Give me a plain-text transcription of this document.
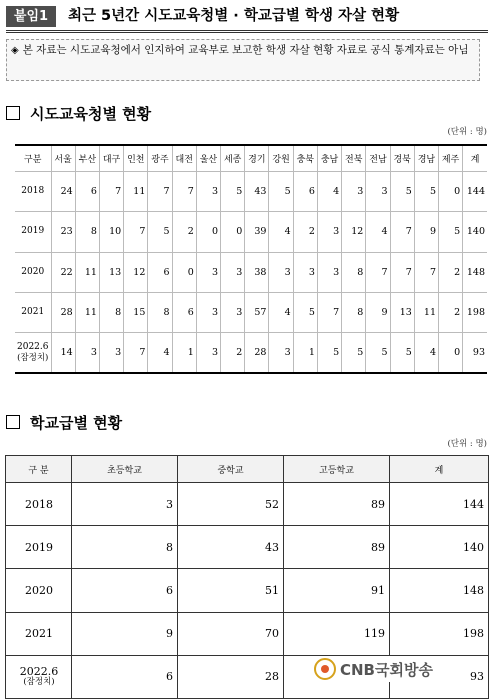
붙임1	최근 5년간 시도교육청별 · 학교급별 학생 자살 현황
◈ 본 자료는 시도교육청에서 인지하여 교육부로 보고한 학생 자살 현황 자료로 공식 통계자료는 아님
시도교육청별 현황
(단위 : 명)
구분	서울	부산	대구	인천	광주	대전	울산	세종	경기	강원	충북	충남	전북	전남	경북	경남	제주	계

2018	24	6	7	11	7	7	3	5	43	5	6	4	3	3	5	5	0	144

2019	23	8	10	7	5	2	0	0	39	4	2	3	12	4	7	9	5	140

2020	22	11	13	12	6	0	3	3	38	3	3	3	8	7	7	7	2	148

2021	28	11	8	15	8	6	3	3	57	4	5	7	8	9	13	11	2	198

2022.6
(잠정치)	14	3	3	7	4	1	3	2	28	3	1	5	5	5	5	4	0	93
학교급별 현황
(단위 : 명)
구 분	초등학교	중학교	고등학교	계

2018	3	52	89	144

2019	8	43	89	140

2020	6	51	91	148

2021	9	70	119	198

2022.6
(잠정치)	6	28		93
CNB국회방송
